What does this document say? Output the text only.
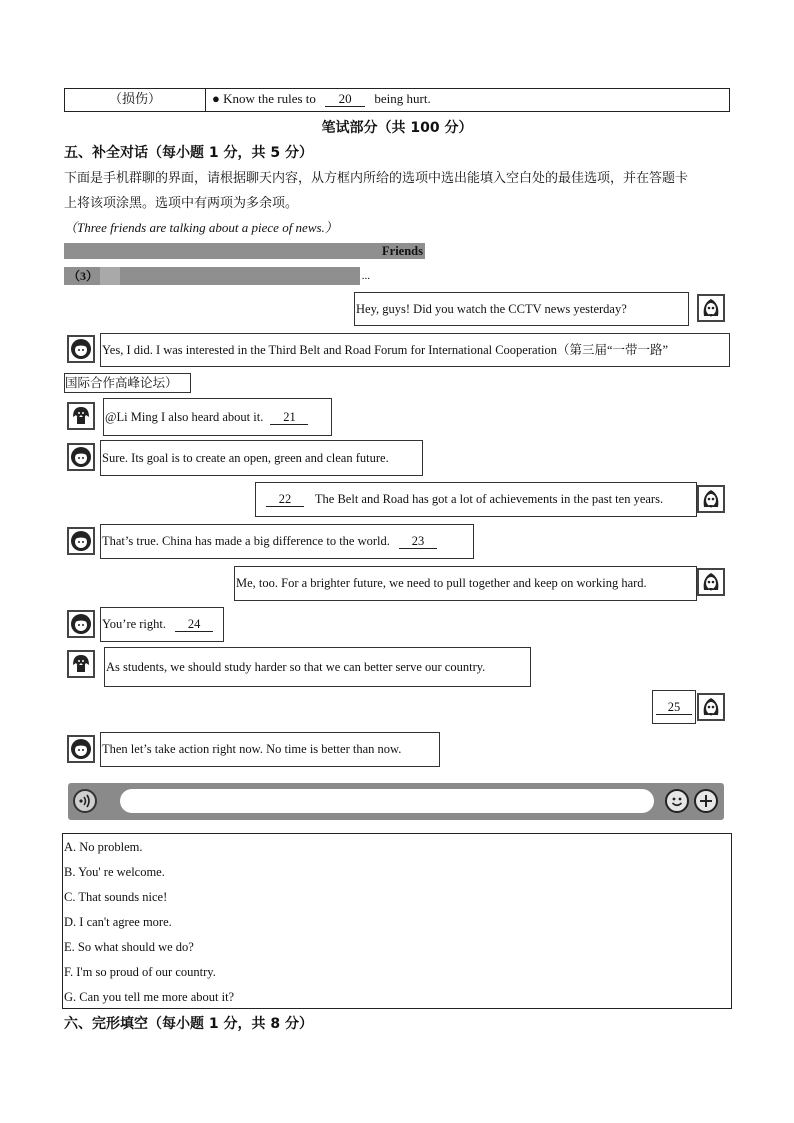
（损伤）	● Know the rules to 20 being hurt.
笔试部分（共 100 分）
五、补全对话（每小题 1 分，共 5 分）
下面是手机群聊的界面，请根据聊天内容，从方框内所给的选项中选出能填入空白处的最佳选项，并在答题卡
上将该项涂黑。选项中有两项为多余项。
（Three friends are talking about a piece of news.）
Friends
（3）	...
Hey, guys! Did you watch the CCTV news yesterday?
Yes, I did. I was interested in the Third Belt and Road Forum for International Cooperation（第三届“一带一路”
国际合作高峰论坛）
@Li Ming I also heard about it. 21
Sure. Its goal is to create an open, green and clean future.
22 The Belt and Road has got a lot of achievements in the past ten years.
That’s true. China has made a big difference to the world. 23
Me, too. For a brighter future, we need to pull together and keep on working hard.
You’re right. 24
As students, we should study harder so that we can better serve our country.
25
Then let’s take action right now. No time is better than now.
A. No problem.
B. You' re welcome.
C. That sounds nice!
D. I can't agree more.
E. So what should we do?
F. I'm so proud of our country.
G. Can you tell me more about it?
六、完形填空（每小题 1 分，共 8 分）
